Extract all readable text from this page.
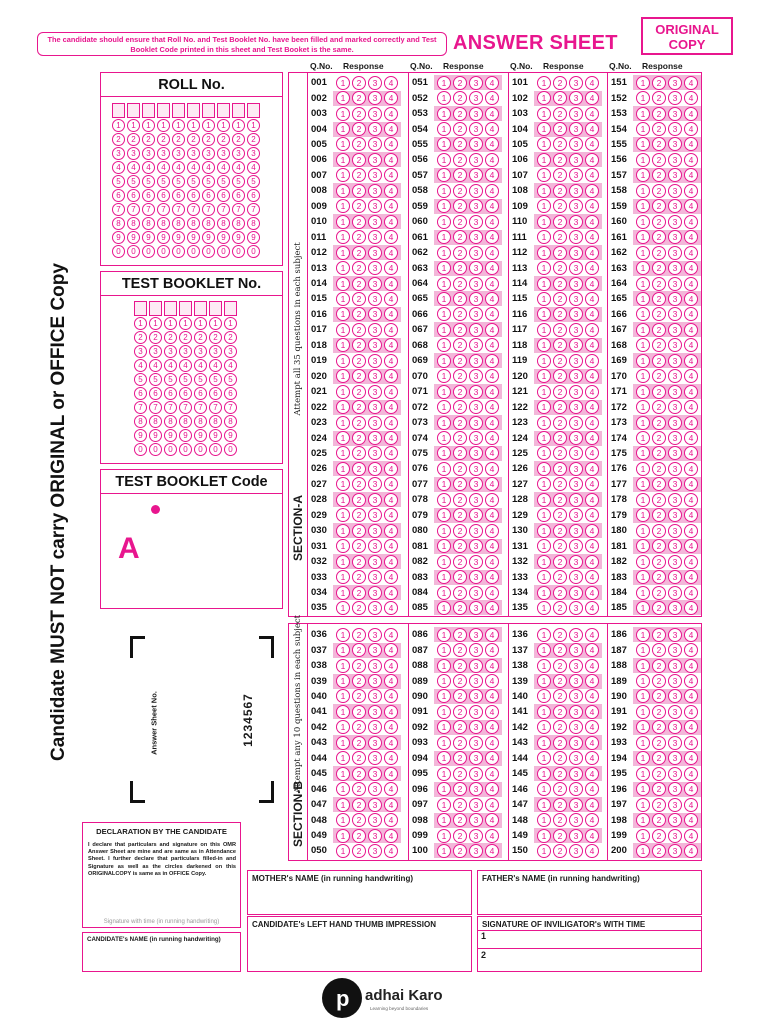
The candidate should ensure that Roll No. and Test Booklet No. have been filled and marked correctly and Test Booklet Code printed in this sheet and Test Booket is the same.	ANSWER SHEET
ORIGINAL
COPY
Candidate MUST NOT carry ORIGINAL or OFFICE Copy
ROLL No.
1	1	1	1	1	1	1	1	1	1
2	2	2	2	2	2	2	2	2	2
3	3	3	3	3	3	3	3	3	3
4	4	4	4	4	4	4	4	4	4
5	5	5	5	5	5	5	5	5	5
6	6	6	6	6	6	6	6	6	6
7	7	7	7	7	7	7	7	7	7
8	8	8	8	8	8	8	8	8	8
9	9	9	9	9	9	9	9	9	9
0	0	0	0	0	0	0	0	0	0
TEST BOOKLET No.
1	1	1	1	1	1	1
2	2	2	2	2	2	2
3	3	3	3	3	3	3
4	4	4	4	4	4	4
5	5	5	5	5	5	5
6	6	6	6	6	6	6
7	7	7	7	7	7	7
8	8	8	8	8	8	8
9	9	9	9	9	9	9
0	0	0	0	0	0	0
TEST BOOKLET Code
A
Answer Sheet No.	1234567
Q.No. Response	Q.No. Response	Q.No. Response	Q.No. Response
SECTION-A
Attempt all 35 questions in each subject
001	1	2	3	4
002	1	2	3	4
003	1	2	3	4
004	1	2	3	4
005	1	2	3	4
006	1	2	3	4
007	1	2	3	4
008	1	2	3	4
009	1	2	3	4
010	1	2	3	4
011	1	2	3	4
012	1	2	3	4
013	1	2	3	4
014	1	2	3	4
015	1	2	3	4
016	1	2	3	4
017	1	2	3	4
018	1	2	3	4
019	1	2	3	4
020	1	2	3	4
021	1	2	3	4
022	1	2	3	4
023	1	2	3	4
024	1	2	3	4
025	1	2	3	4
026	1	2	3	4
027	1	2	3	4
028	1	2	3	4
029	1	2	3	4
030	1	2	3	4
031	1	2	3	4
032	1	2	3	4
033	1	2	3	4
034	1	2	3	4
035	1	2	3	4
051	1	2	3	4
052	1	2	3	4
053	1	2	3	4
054	1	2	3	4
055	1	2	3	4
056	1	2	3	4
057	1	2	3	4
058	1	2	3	4
059	1	2	3	4
060	1	2	3	4
061	1	2	3	4
062	1	2	3	4
063	1	2	3	4
064	1	2	3	4
065	1	2	3	4
066	1	2	3	4
067	1	2	3	4
068	1	2	3	4
069	1	2	3	4
070	1	2	3	4
071	1	2	3	4
072	1	2	3	4
073	1	2	3	4
074	1	2	3	4
075	1	2	3	4
076	1	2	3	4
077	1	2	3	4
078	1	2	3	4
079	1	2	3	4
080	1	2	3	4
081	1	2	3	4
082	1	2	3	4
083	1	2	3	4
084	1	2	3	4
085	1	2	3	4
101	1	2	3	4
102	1	2	3	4
103	1	2	3	4
104	1	2	3	4
105	1	2	3	4
106	1	2	3	4
107	1	2	3	4
108	1	2	3	4
109	1	2	3	4
110	1	2	3	4
111	1	2	3	4
112	1	2	3	4
113	1	2	3	4
114	1	2	3	4
115	1	2	3	4
116	1	2	3	4
117	1	2	3	4
118	1	2	3	4
119	1	2	3	4
120	1	2	3	4
121	1	2	3	4
122	1	2	3	4
123	1	2	3	4
124	1	2	3	4
125	1	2	3	4
126	1	2	3	4
127	1	2	3	4
128	1	2	3	4
129	1	2	3	4
130	1	2	3	4
131	1	2	3	4
132	1	2	3	4
133	1	2	3	4
134	1	2	3	4
135	1	2	3	4
151	1	2	3	4
152	1	2	3	4
153	1	2	3	4
154	1	2	3	4
155	1	2	3	4
156	1	2	3	4
157	1	2	3	4
158	1	2	3	4
159	1	2	3	4
160	1	2	3	4
161	1	2	3	4
162	1	2	3	4
163	1	2	3	4
164	1	2	3	4
165	1	2	3	4
166	1	2	3	4
167	1	2	3	4
168	1	2	3	4
169	1	2	3	4
170	1	2	3	4
171	1	2	3	4
172	1	2	3	4
173	1	2	3	4
174	1	2	3	4
175	1	2	3	4
176	1	2	3	4
177	1	2	3	4
178	1	2	3	4
179	1	2	3	4
180	1	2	3	4
181	1	2	3	4
182	1	2	3	4
183	1	2	3	4
184	1	2	3	4
185	1	2	3	4
SECTION-B
Attempt any 10 questions in each subject 036	1	2	3	4
037	1	2	3	4
038	1	2	3	4
039	1	2	3	4
040	1	2	3	4
041	1	2	3	4
042	1	2	3	4
043	1	2	3	4
044	1	2	3	4
045	1	2	3	4
046	1	2	3	4
047	1	2	3	4
048	1	2	3	4
049	1	2	3	4
050	1	2	3	4
086	1	2	3	4
087	1	2	3	4
088	1	2	3	4
089	1	2	3	4
090	1	2	3	4
091	1	2	3	4
092	1	2	3	4
093	1	2	3	4
094	1	2	3	4
095	1	2	3	4
096	1	2	3	4
097	1	2	3	4
098	1	2	3	4
099	1	2	3	4
100	1	2	3	4
136	1	2	3	4
137	1	2	3	4
138	1	2	3	4
139	1	2	3	4
140	1	2	3	4
141	1	2	3	4
142	1	2	3	4
143	1	2	3	4
144	1	2	3	4
145	1	2	3	4
146	1	2	3	4
147	1	2	3	4
148	1	2	3	4
149	1	2	3	4
150	1	2	3	4
186	1	2	3	4
187	1	2	3	4
188	1	2	3	4
189	1	2	3	4
190	1	2	3	4
191	1	2	3	4
192	1	2	3	4
193	1	2	3	4
194	1	2	3	4
195	1	2	3	4
196	1	2	3	4
197	1	2	3	4
198	1	2	3	4
199	1	2	3	4
200	1	2	3	4
DECLARATION BY THE CANDIDATE
I declare that particulars and signature on this OMR Answer Sheet are mine and are same as in Attendance Sheet. I further declare that particulars filled-in and Signature as well as the circles darkened on this ORIGINALCOPY is same as in OFFICE Copy.
Signature with time (in running handwriting)
CANDIDATE's NAME (in running handwriting)
MOTHER's NAME (in running handwriting)	FATHER's NAME (in running handwriting)
CANDIDATE's LEFT HAND THUMB IMPRESSION	SIGNATURE OF INVILIGATOR's WITH TIME
1
2
p adhai Karo
Learning beyond boundaries
